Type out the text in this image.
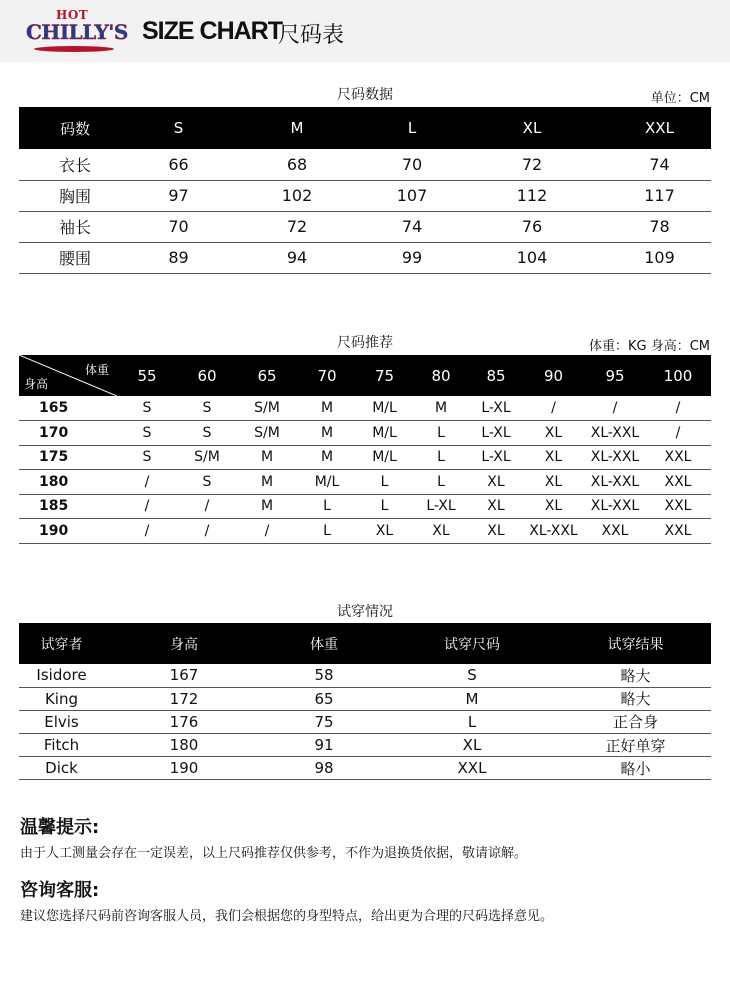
HOT
CHILLY'S SIZE CHART
尺码表
尺码数据	单位：CM
码数	S	M	L	XL	XXL
衣长	66	68	70	72	74
胸围	97	102	107	112	117
袖长	70	72	74	76	78
腰围	89	94	99	104	109
尺码推荐	体重：KG 身高：CM
体重
身高	55	60	65	70	75	80	85	90	95	100
165	S	S	S/M	M	M/L	M	L-XL	/	/	/
170	S	S	S/M	M	M/L	L	L-XL	XL	XL-XXL	/
175	S	S/M	M	M	M/L	L	L-XL	XL	XL-XXL	XXL
180	/	S	M	M/L	L	L	XL	XL	XL-XXL	XXL
185	/	/	M	L	L	L-XL	XL	XL	XL-XXL	XXL
190	/	/	/	L	XL	XL	XL	XL-XXL	XXL	XXL
试穿情况
试穿者	身高	体重	试穿尺码	试穿结果
Isidore	167	58	S	略大
King	172	65	M	略大
Elvis	176	75	L	正合身
Fitch	180	91	XL	正好单穿
Dick	190	98	XXL	略小
温馨提示:
由于人工测量会存在一定误差，以上尺码推荐仅供参考，不作为退换货依据，敬请谅解。
咨询客服:
建议您选择尺码前咨询客服人员，我们会根据您的身型特点，给出更为合理的尺码选择意见。
